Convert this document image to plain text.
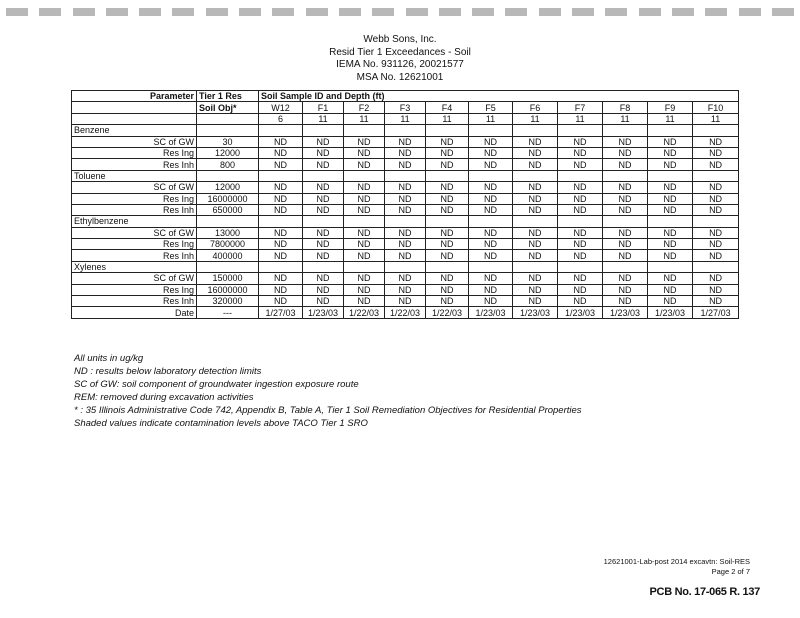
Webb Sons, Inc.
Resid Tier 1 Exceedances - Soil
IEMA No. 931126, 20021577
MSA No. 12621001
Parameter	Tier 1 Res	Soil Sample ID and Depth (ft)										
	Soil Obj*	W12	F1	F2	F3	F4	F5	F6	F7	F8	F9	F10
		6	11	11	11	11	11	11	11	11	11	11
Benzene												
SC of GW	30	ND	ND	ND	ND	ND	ND	ND	ND	ND	ND	ND
Res Ing	12000	ND	ND	ND	ND	ND	ND	ND	ND	ND	ND	ND
Res Inh	800	ND	ND	ND	ND	ND	ND	ND	ND	ND	ND	ND
Toluene												
SC of GW	12000	ND	ND	ND	ND	ND	ND	ND	ND	ND	ND	ND
Res Ing	16000000	ND	ND	ND	ND	ND	ND	ND	ND	ND	ND	ND
Res Inh	650000	ND	ND	ND	ND	ND	ND	ND	ND	ND	ND	ND
Ethylbenzene												
SC of GW	13000	ND	ND	ND	ND	ND	ND	ND	ND	ND	ND	ND
Res Ing	7800000	ND	ND	ND	ND	ND	ND	ND	ND	ND	ND	ND
Res Inh	400000	ND	ND	ND	ND	ND	ND	ND	ND	ND	ND	ND
Xylenes												
SC of GW	150000	ND	ND	ND	ND	ND	ND	ND	ND	ND	ND	ND
Res Ing	16000000	ND	ND	ND	ND	ND	ND	ND	ND	ND	ND	ND
Res Inh	320000	ND	ND	ND	ND	ND	ND	ND	ND	ND	ND	ND
Date	---	1/27/03	1/23/03	1/22/03	1/22/03	1/22/03	1/23/03	1/23/03	1/23/03	1/23/03	1/23/03	1/27/03
All units in ug/kg
ND : results below laboratory detection limits
SC of GW: soil component of groundwater ingestion exposure route
REM: removed during excavation activities
* : 35 Illinois Administrative Code 742, Appendix B, Table A, Tier 1 Soil Remediation Objectives for Residential Properties
Shaded values indicate contamination levels above TACO Tier 1 SRO
12621001-Lab-post 2014 excavtn: Soil-RES
Page 2 of 7
PCB No. 17-065 R. 137
